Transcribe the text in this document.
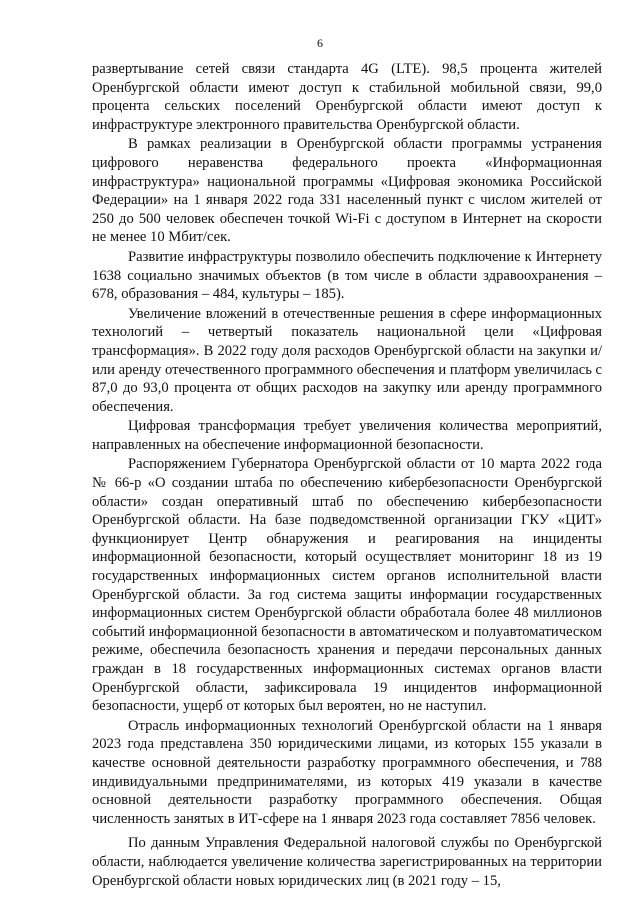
6

развертывание сетей связи стандарта 4G (LTE). 98,5 процента жителей Оренбургской области имеют доступ к стабильной мобильной связи, 99,0 процента сельских поселений Оренбургской области имеют доступ к инфраструктуре электронного правительства Оренбургской области.

В рамках реализации в Оренбургской области программы устранения цифрового неравенства федерального проекта «Информационная инфраструктура» национальной программы «Цифровая экономика Российской Федерации» на 1 января 2022 года 331 населенный пункт с числом жителей от 250 до 500 человек обеспечен точкой Wi-Fi с доступом в Интернет на скорости не менее 10 Мбит/сек.

Развитие инфраструктуры позволило обеспечить подключение к Интернету 1638 социально значимых объектов (в том числе в области здравоохранения – 678, образования – 484, культуры – 185).

Увеличение вложений в отечественные решения в сфере информационных технологий – четвертый показатель национальной цели «Цифровая трансформация». В 2022 году доля расходов Оренбургской области на закупки и/или аренду отечественного программного обеспечения и платформ увеличилась с 87,0 до 93,0 процента от общих расходов на закупку или аренду программного обеспечения.

Цифровая трансформация требует увеличения количества мероприятий, направленных на обеспечение информационной безопасности.

Распоряжением Губернатора Оренбургской области от 10 марта 2022 года № 66-р «О создании штаба по обеспечению кибербезопасности Оренбургской области» создан оперативный штаб по обеспечению кибербезопасности Оренбургской области. На базе подведомственной организации ГКУ «ЦИТ» функционирует Центр обнаружения и реагирования на инциденты информационной безопасности, который осуществляет мониторинг 18 из 19 государственных информационных систем органов исполнительной власти Оренбургской области. За год система защиты информации государственных информационных систем Оренбургской области обработала более 48 миллионов событий информационной безопасности в автоматическом и полуавтоматическом режиме, обеспечила безопасность хранения и передачи персональных данных граждан в 18 государственных информационных системах органов власти Оренбургской области, зафиксировала 19 инцидентов информационной безопасности, ущерб от которых был вероятен, но не наступил.

Отрасль информационных технологий Оренбургской области на 1 января 2023 года представлена 350 юридическими лицами, из которых 155 указали в качестве основной деятельности разработку программного обеспечения, и 788 индивидуальными предпринимателями, из которых 419 указали в качестве основной деятельности разработку программного обеспечения. Общая численность занятых в ИТ-сфере на 1 января 2023 года составляет 7856 человек.

По данным Управления Федеральной налоговой службы по Оренбургской области, наблюдается увеличение количества зарегистрированных на территории Оренбургской области новых юридических лиц (в 2021 году – 15,
